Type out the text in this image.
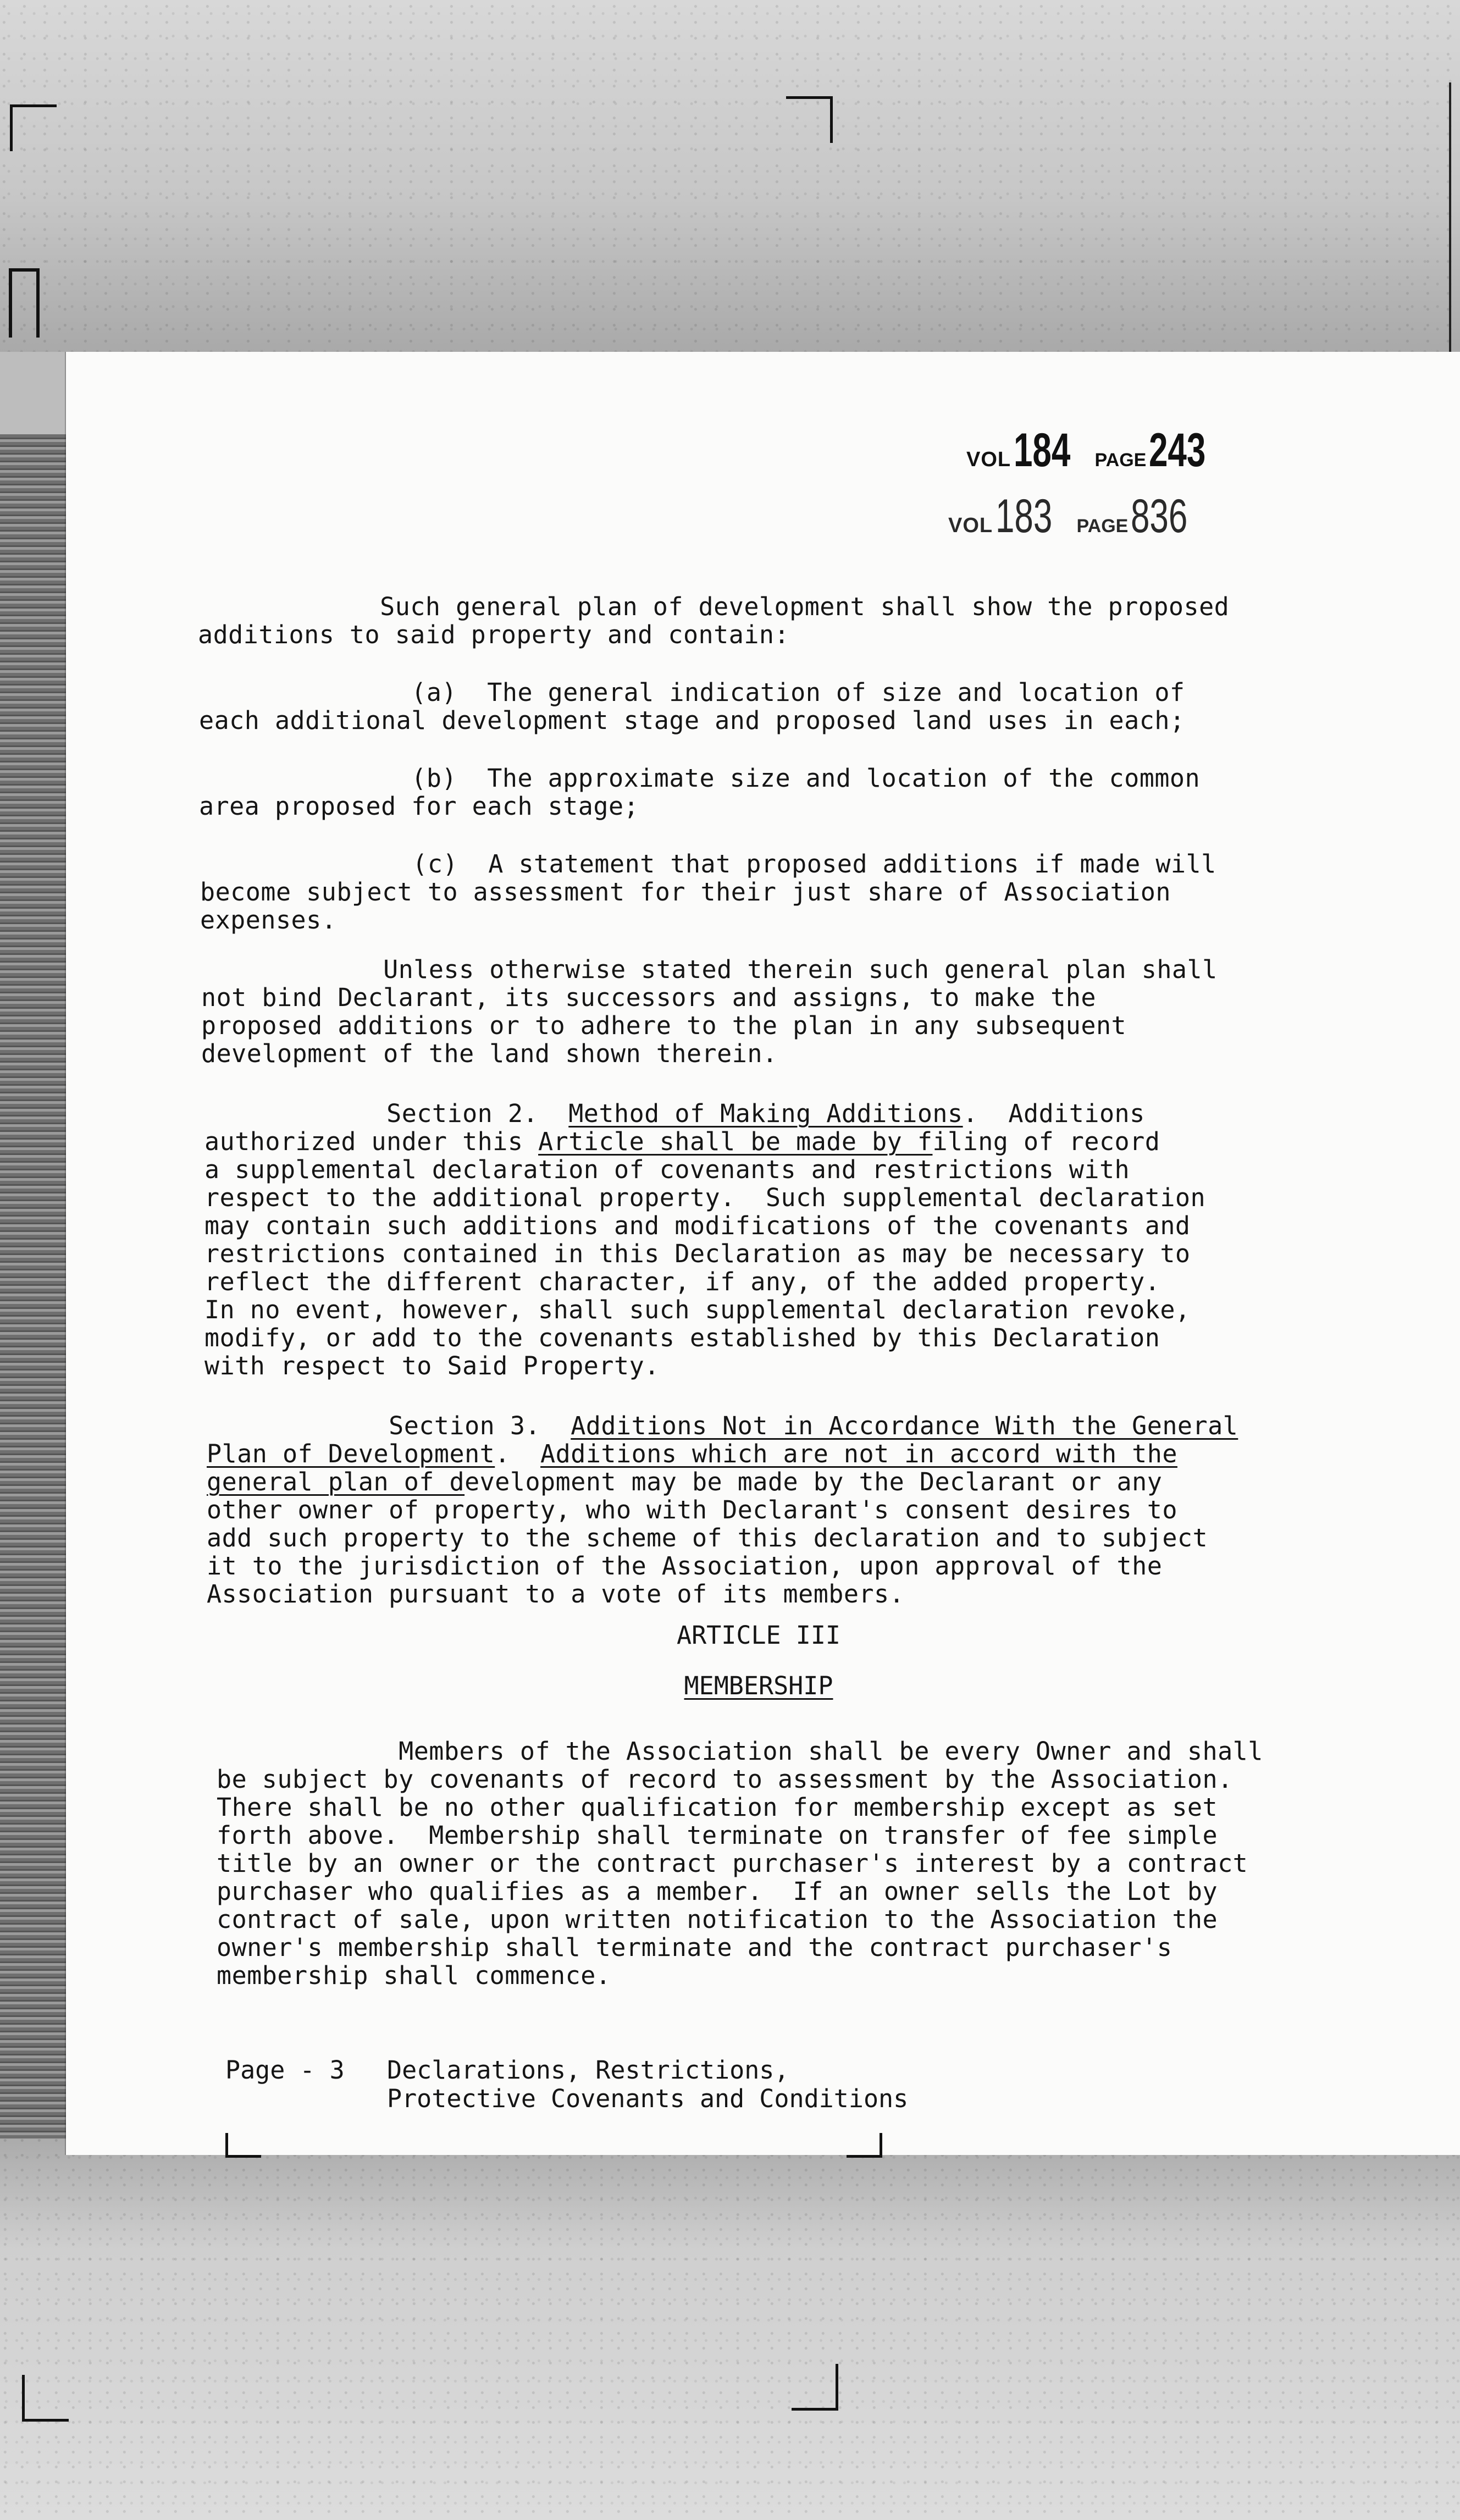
VOL 184 PAGE 243
VOL 183 PAGE 836
Such general plan of development shall show the proposed
additions to said property and contain:
(a)  The general indication of size and location of
each additional development stage and proposed land uses in each;
(b)  The approximate size and location of the common
area proposed for each stage;
(c)  A statement that proposed additions if made will
become subject to assessment for their just share of Association
expenses.
Unless otherwise stated therein such general plan shall
not bind Declarant, its successors and assigns, to make the
proposed additions or to adhere to the plan in any subsequent
development of the land shown therein.
Section 2.  Method of Making Additions.  Additions
authorized under this Article shall be made by filing of record
a supplemental declaration of covenants and restrictions with
respect to the additional property.  Such supplemental declaration
may contain such additions and modifications of the covenants and
restrictions contained in this Declaration as may be necessary to
reflect the different character, if any, of the added property.
In no event, however, shall such supplemental declaration revoke,
modify, or add to the covenants established by this Declaration
with respect to Said Property.
Section 3.  Additions Not in Accordance With the General
Plan of Development.  Additions which are not in accord with the
general plan of development may be made by the Declarant or any
other owner of property, who with Declarant's consent desires to
add such property to the scheme of this declaration and to subject
it to the jurisdiction of the Association, upon approval of the
Association pursuant to a vote of its members.
ARTICLE III
MEMBERSHIP
Members of the Association shall be every Owner and shall
be subject by covenants of record to assessment by the Association.
There shall be no other qualification for membership except as set
forth above.  Membership shall terminate on transfer of fee simple
title by an owner or the contract purchaser's interest by a contract
purchaser who qualifies as a member.  If an owner sells the Lot by
contract of sale, upon written notification to the Association the
owner's membership shall terminate and the contract purchaser's
membership shall commence.
Page - 3 Declarations, Restrictions,
Protective Covenants and Conditions
